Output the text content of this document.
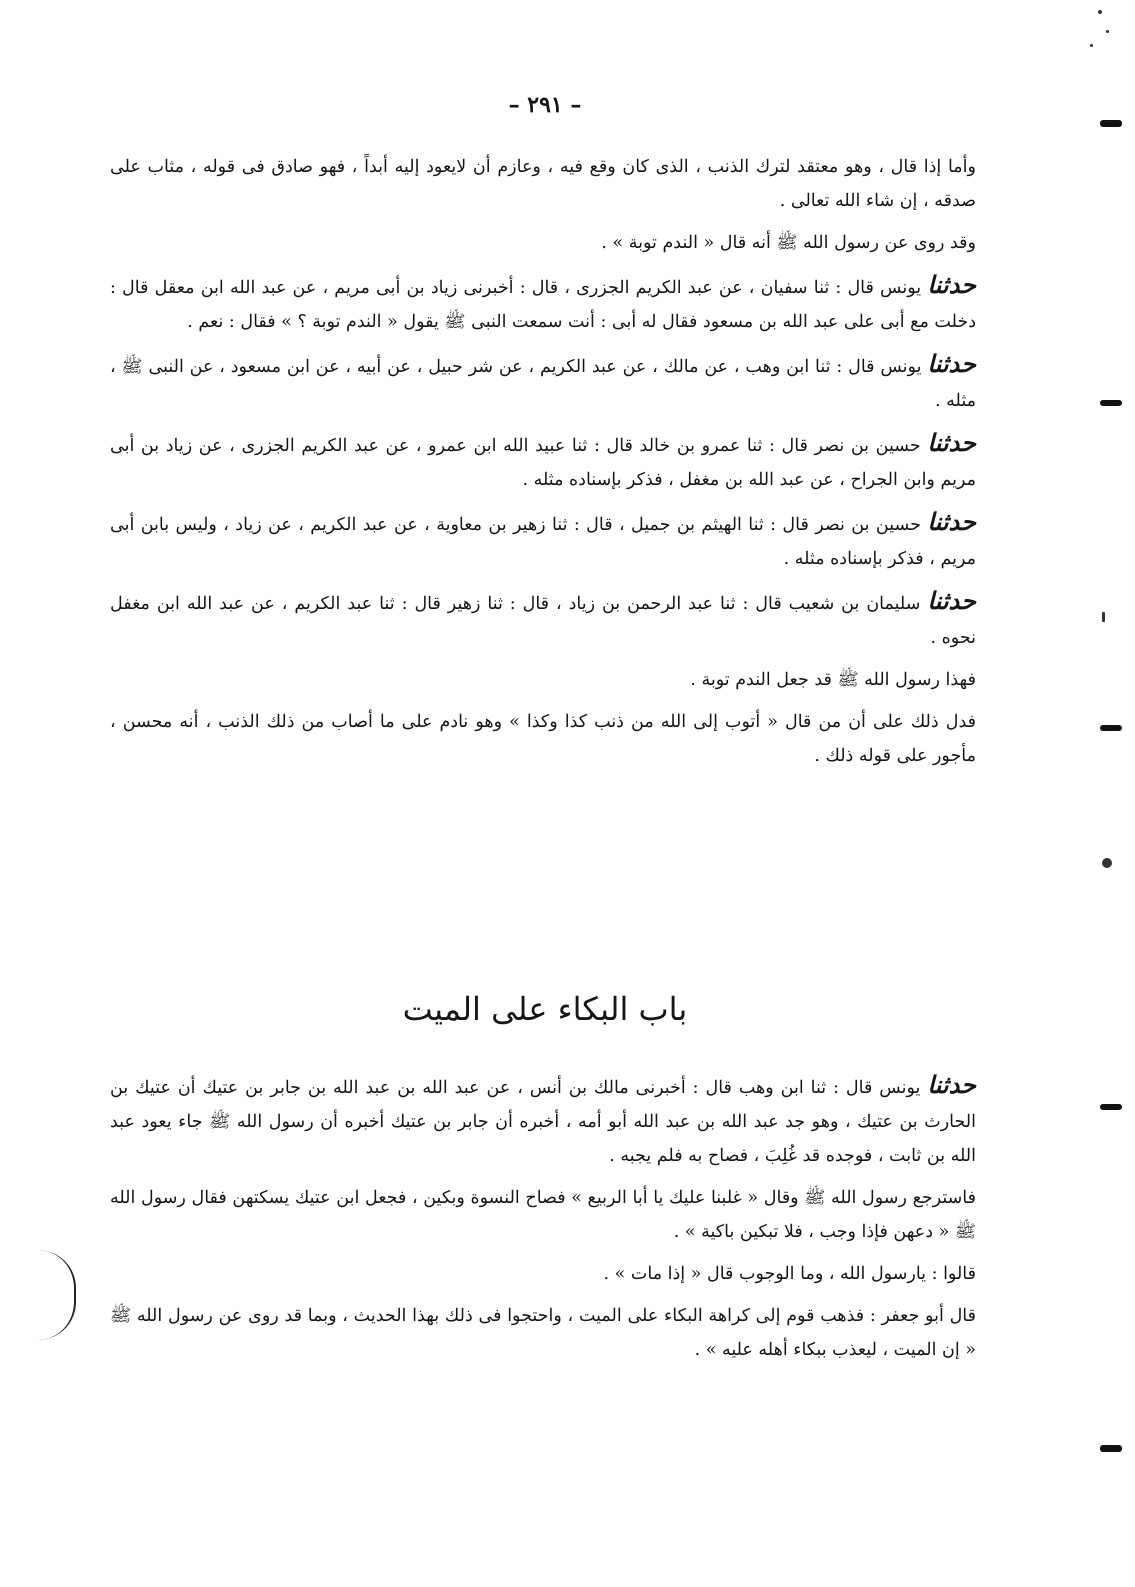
– ٢٩١ –

وأما إذا قال ، وهو معتقد لترك الذنب ، الذى كان وقع فيه ، وعازم أن لايعود إليه أبداً ، فهو صادق فى قوله ، مثاب على صدقه ، إن شاء الله تعالى .

وقد روى عن رسول الله ﷺ أنه قال « الندم توبة » .

حدثنا يونس قال : ثنا سفيان ، عن عبد الكريم الجزرى ، قال : أخبرنى زياد بن أبى مريم ، عن عبد الله ابن معقل قال : دخلت مع أبى على عبد الله بن مسعود فقال له أبى : أنت سمعت النبى ﷺ يقول « الندم توبة ؟ » فقال : نعم .

حدثنا يونس قال : ثنا ابن وهب ، عن مالك ، عن عبد الكريم ، عن شر حبيل ، عن أبيه ، عن ابن مسعود ، عن النبى ﷺ ، مثله .

حدثنا حسين بن نصر قال : ثنا عمرو بن خالد قال : ثنا عبيد الله ابن عمرو ، عن عبد الكريم الجزرى ، عن زياد بن أبى مريم وابن الجراح ، عن عبد الله بن مغفل ، فذكر بإسناده مثله .

حدثنا حسين بن نصر قال : ثنا الهيثم بن جميل ، قال : ثنا زهير بن معاوية ، عن عبد الكريم ، عن زياد ، وليس بابن أبى مريم ، فذكر بإسناده مثله .

حدثنا سليمان بن شعيب قال : ثنا عبد الرحمن بن زياد ، قال : ثنا زهير قال : ثنا عبد الكريم ، عن عبد الله ابن مغفل نحوه .

فهذا رسول الله ﷺ قد جعل الندم توبة .

فدل ذلك على أن من قال « أتوب إلى الله من ذنب كذا وكذا » وهو نادم على ما أصاب من ذلك الذنب ، أنه محسن ، مأجور على قوله ذلك .

باب البكاء على الميت

حدثنا يونس قال : ثنا ابن وهب قال : أخبرنى مالك بن أنس ، عن عبد الله بن عبد الله بن جابر بن عتيك أن عتيك بن الحارث بن عتيك ، وهو جد عبد الله بن عبد الله أبو أمه ، أخبره أن جابر بن عتيك أخبره أن رسول الله ﷺ جاء يعود عبد الله بن ثابت ، فوجده قد غُلِبَ ، فصاح به فلم يجبه .

فاسترجع رسول الله ﷺ وقال « غلبنا عليك يا أبا الربيع » فصاح النسوة وبكين ، فجعل ابن عتيك يسكتهن فقال رسول الله ﷺ « دعهن فإذا وجب ، فلا تبكين باكية » .

قالوا : يارسول الله ، وما الوجوب قال « إذا مات » .

قال أبو جعفر : فذهب قوم إلى كراهة البكاء على الميت ، واحتجوا فى ذلك بهذا الحديث ، وبما قد روى عن رسول الله ﷺ « إن الميت ، ليعذب ببكاء أهله عليه » .
